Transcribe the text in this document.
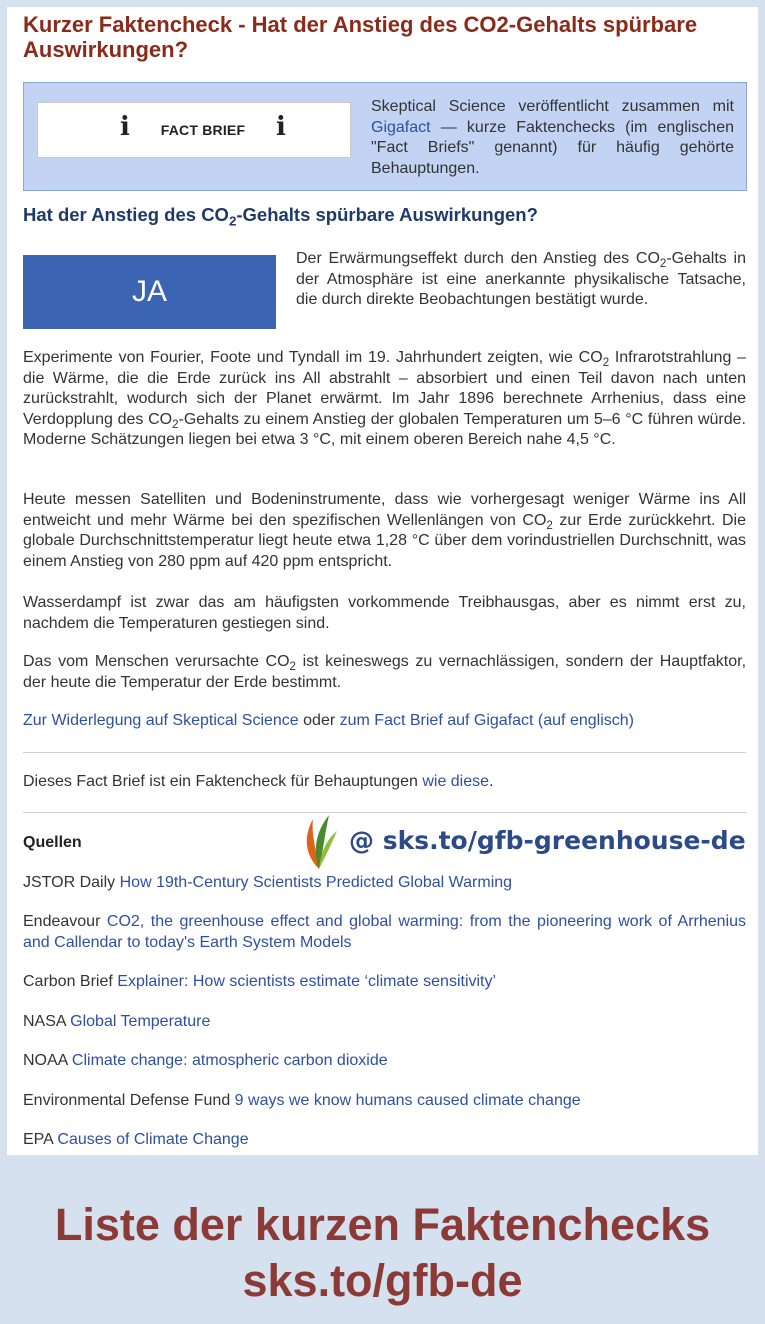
Kurzer Faktencheck - Hat der Anstieg des CO2-Gehalts spürbare Auswirkungen?
i	FACT BRIEF	i

Skeptical Science veröffentlicht zusammen mit Gigafact — kurze Faktenchecks (im englischen "Fact Briefs" genannt) für häufig gehörte Behauptungen.

Hat der Anstieg des $CO_2$-Gehalts spürbare Auswirkungen?
JA

Der Erwärmungseffekt durch den Anstieg des $CO_2$-Gehalts in der Atmosphäre ist eine anerkannte physikalische Tatsache, die durch direkte Beobachtungen bestätigt wurde.

Experimente von Fourier, Foote und Tyndall im 19. Jahrhundert zeigten, wie $CO_2$ Infrarotstrahlung – die Wärme, die die Erde zurück ins All abstrahlt – absorbiert und einen Teil davon nach unten zurückstrahlt, wodurch sich der Planet erwärmt. Im Jahr 1896 berechnete Arrhenius, dass eine Verdopplung des $CO_2$-Gehalts zu einem Anstieg der globalen Temperaturen um 5–6 °C führen würde. Moderne Schätzungen liegen bei etwa 3 °C, mit einem oberen Bereich nahe 4,5 °C.

Heute messen Satelliten und Bodeninstrumente, dass wie vorhergesagt weniger Wärme ins All entweicht und mehr Wärme bei den spezifischen Wellenlängen von $CO_2$ zur Erde zurückkehrt. Die globale Durchschnittstemperatur liegt heute etwa 1,28 °C über dem vorindustriellen Durchschnitt, was einem Anstieg von 280 ppm auf 420 ppm entspricht.

Wasserdampf ist zwar das am häufigsten vorkommende Treibhausgas, aber es nimmt erst zu, nachdem die Temperaturen gestiegen sind.

Das vom Menschen verursachte $CO_2$ ist keineswegs zu vernachlässigen, sondern der Hauptfaktor, der heute die Temperatur der Erde bestimmt.

Zur Widerlegung auf Skeptical Science oder zum Fact Brief auf Gigafact (auf englisch)

Dieses Fact Brief ist ein Faktencheck für Behauptungen wie diese.

Quellen	@ sks.to/gfb-greenhouse-de
JSTOR Daily How 19th-Century Scientists Predicted Global Warming
Endeavour CO2, the greenhouse effect and global warming: from the pioneering work of Arrhenius and Callendar to today's Earth System Models
Carbon Brief Explainer: How scientists estimate ‘climate sensitivity’
NASA Global Temperature
NOAA Climate change: atmospheric carbon dioxide
Environmental Defense Fund 9 ways we know humans caused climate change
EPA Causes of Climate Change
Liste der kurzen Faktenchecks
sks.to/gfb-de
